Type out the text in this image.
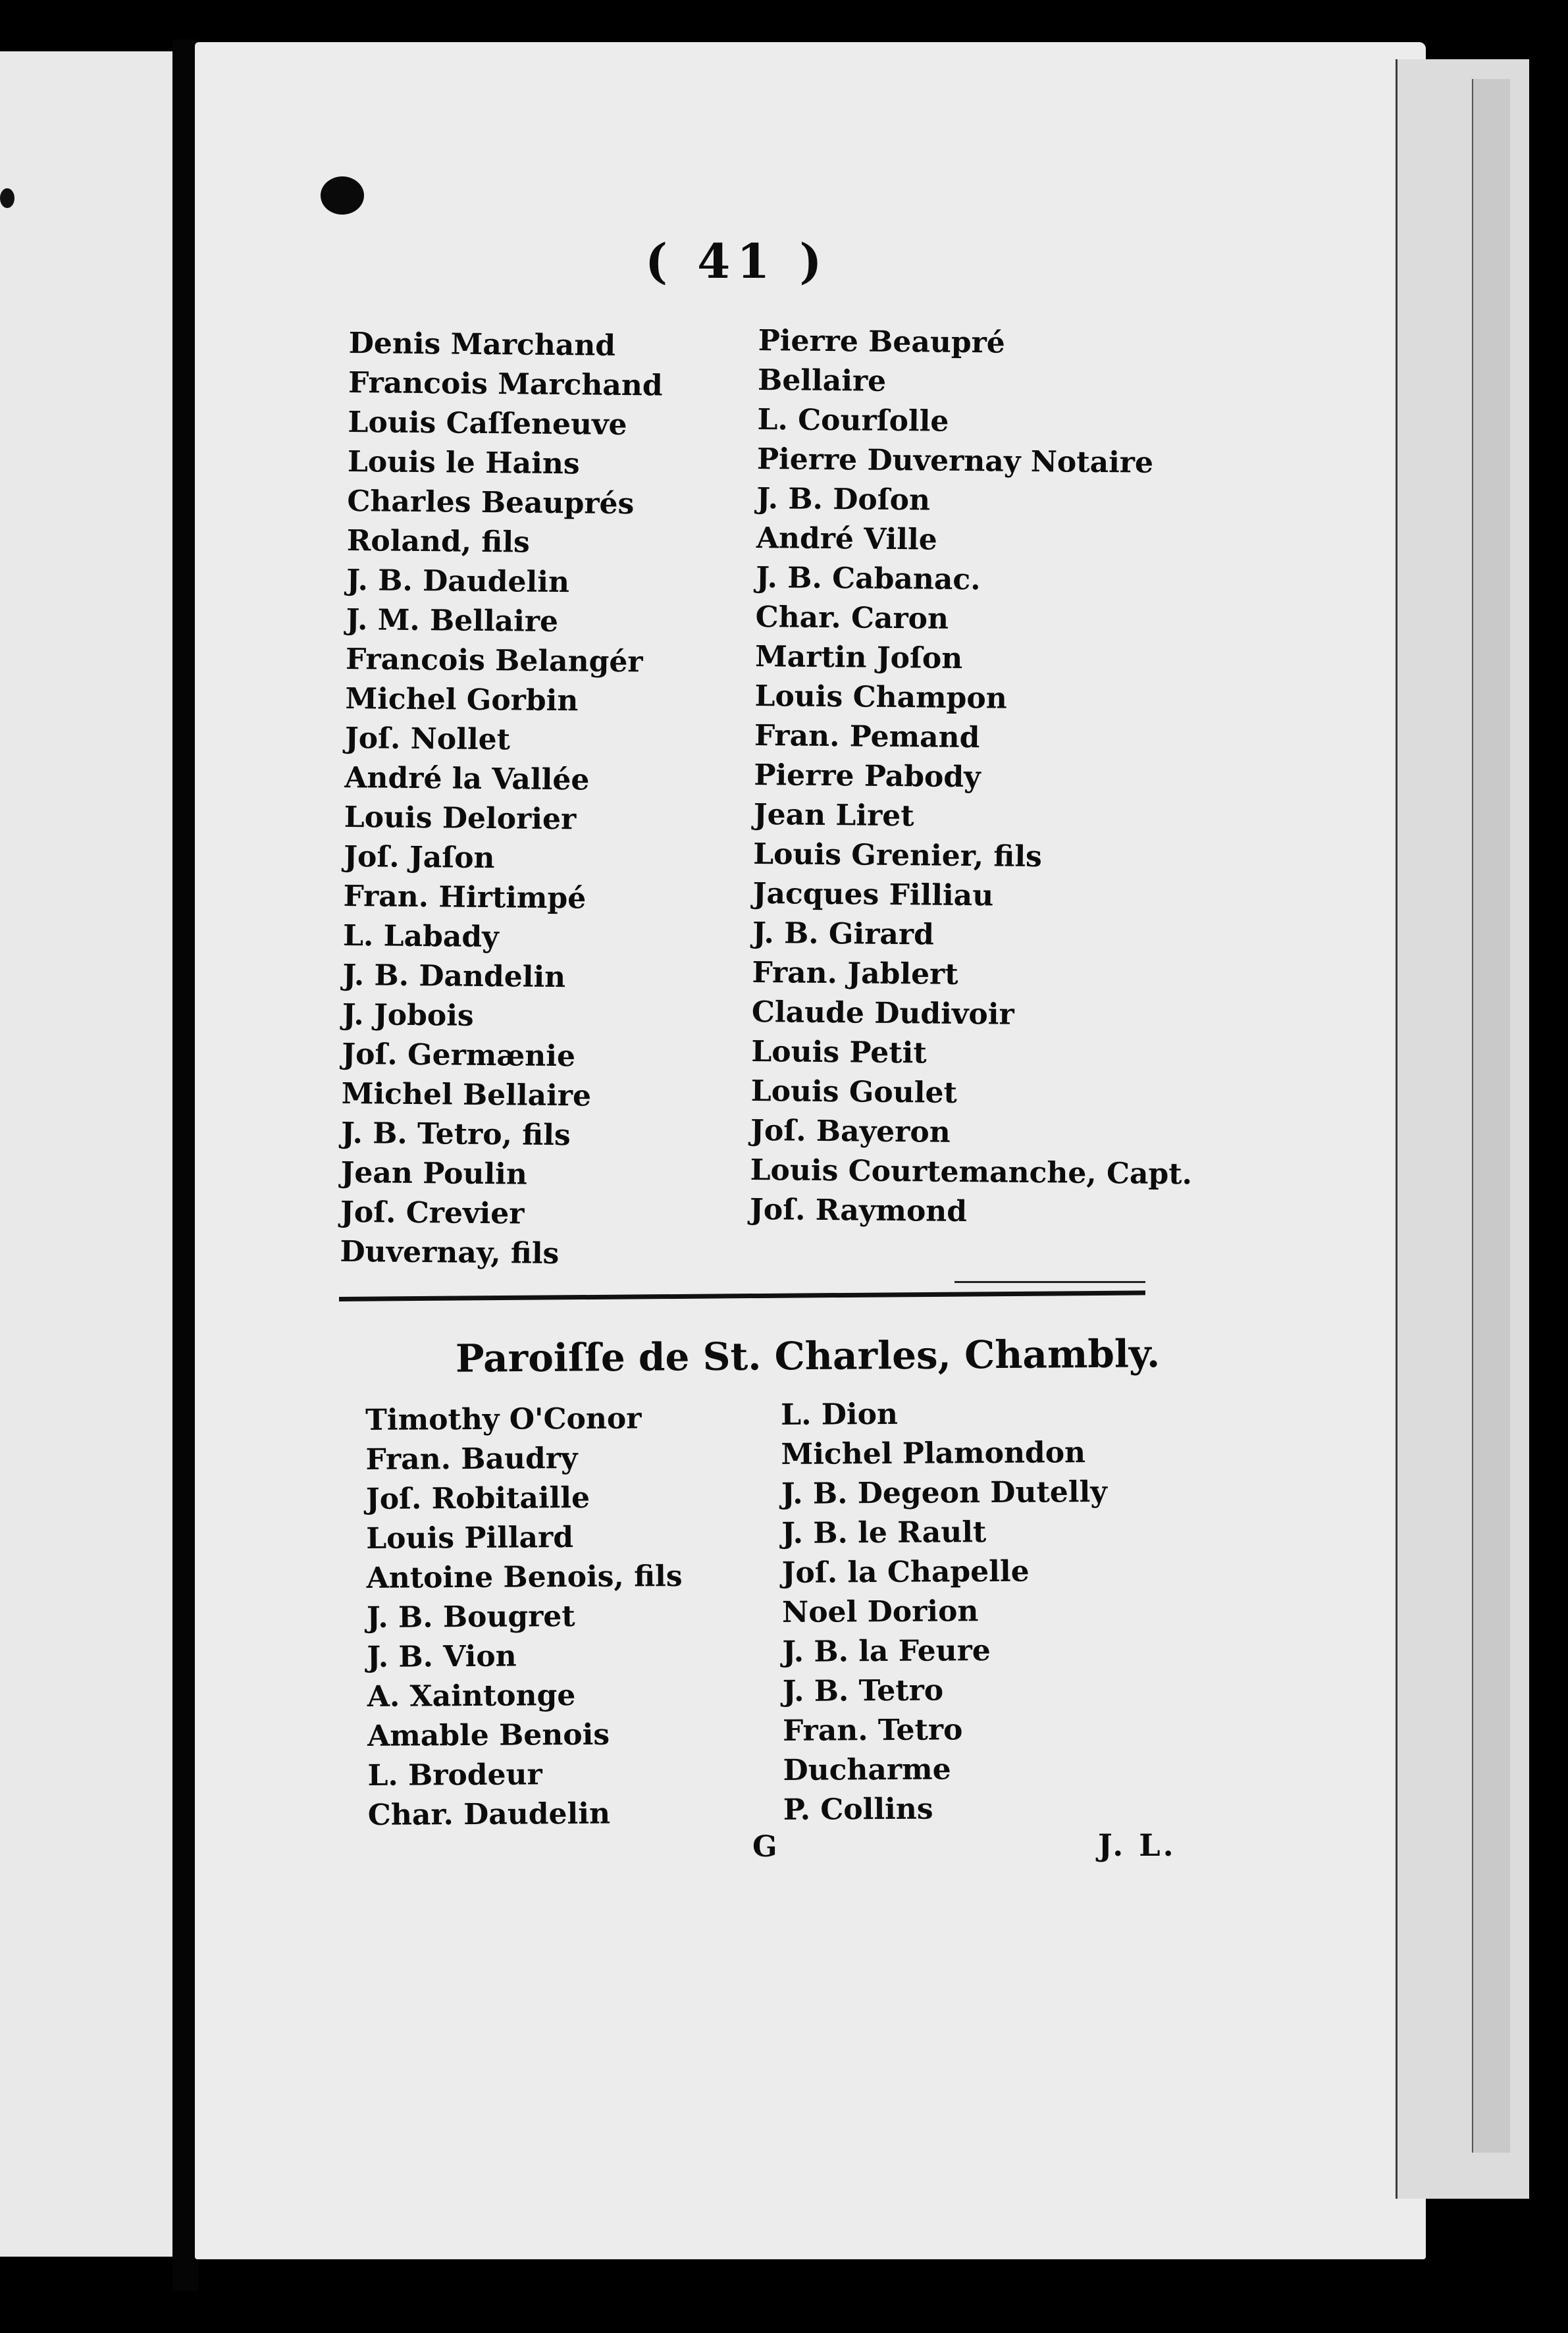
( 41 )
Denis Marchand
Francois Marchand
Louis Caſſeneuve
Louis le Hains
Charles Beauprés
Roland, fils
J. B. Daudelin
J. M. Bellaire
Francois Belangér
Michel Gorbin
Joſ. Nollet
André la Vallée
Louis Delorier
Joſ. Jaſon
Fran. Hirtimpé
L. Labady
J. B. Dandelin
J. Jobois
Joſ. Germænie
Michel Bellaire
J. B. Tetro, fils
Jean Poulin
Joſ. Crevier
Duvernay, fils
Pierre Beaupré
Bellaire
L. Courſolle
Pierre Duvernay Notaire
J. B. Doſon
André Ville
J. B. Cabanac.
Char. Caron
Martin Joſon
Louis Champon
Fran. Pemand
Pierre Pabody
Jean Liret
Louis Grenier, fils
Jacques Filliau
J. B. Girard
Fran. Jablert
Claude Dudivoir
Louis Petit
Louis Goulet
Joſ. Bayeron
Louis Courtemanche, Capt.
Joſ. Raymond
Paroiſſe de St. Charles, Chambly.
Timothy O'Conor
Fran. Baudry
Joſ. Robitaille
Louis Pillard
Antoine Benois, fils
J. B. Bougret
J. B. Vion
A. Xaintonge
Amable Benois
L. Brodeur
Char. Daudelin
L. Dion
Michel Plamondon
J. B. Degeon Dutelly
J. B. le Rault
Joſ. la Chapelle
Noel Dorion
J. B. la Feure
J. B. Tetro
Fran. Tetro
Ducharme
P. Collins
G	J. L.
